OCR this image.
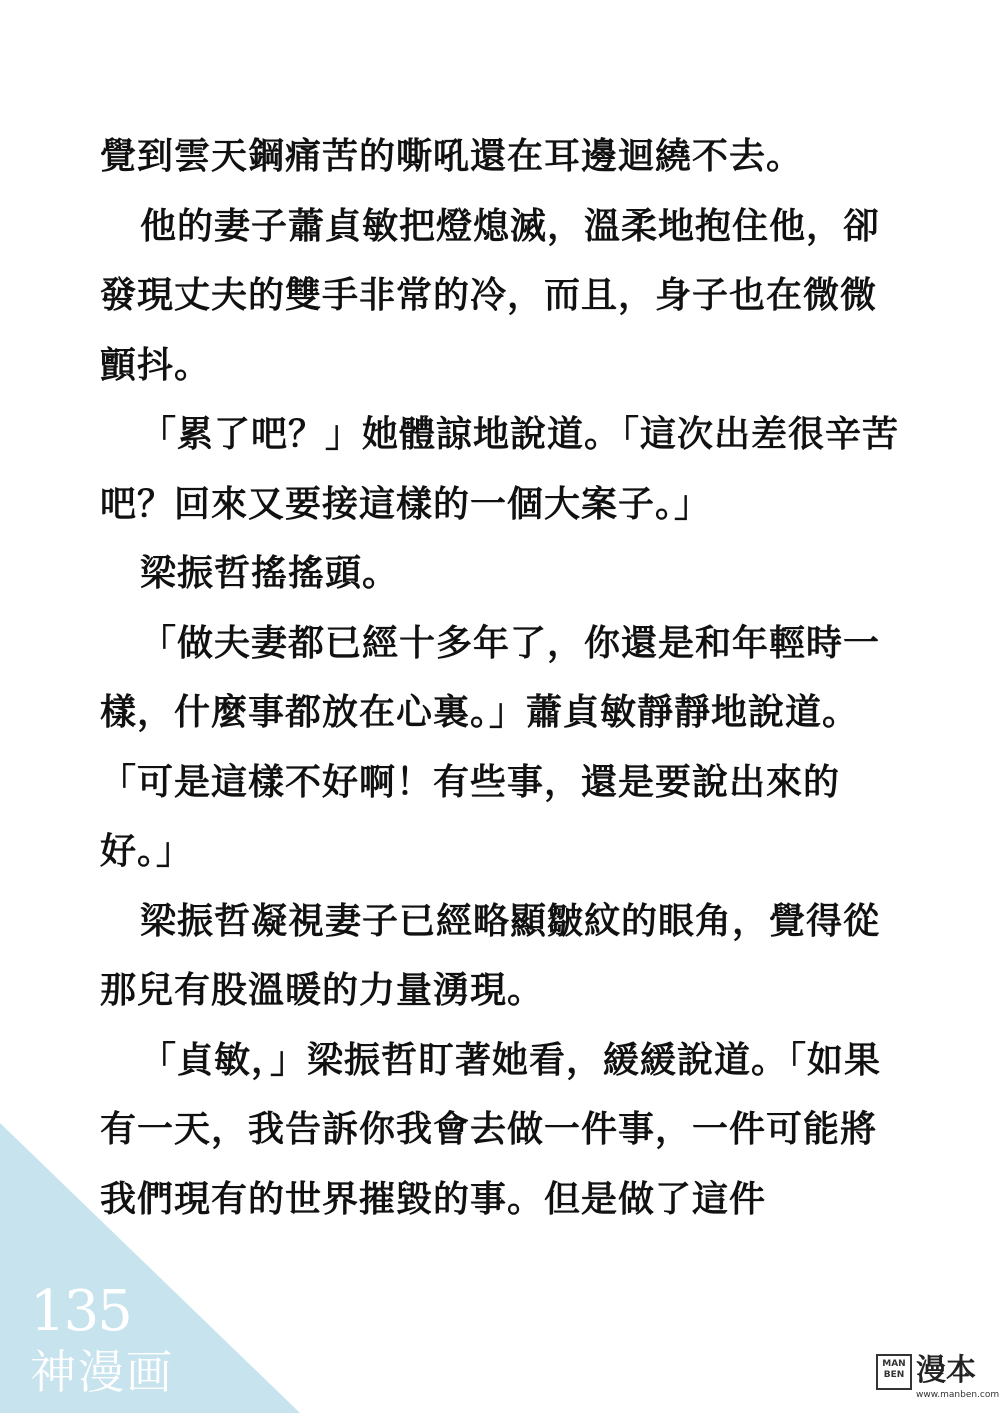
覺到雲天鋼痛苦的嘶吼還在耳邊迴繞不去。

他的妻子蕭貞敏把燈熄滅，溫柔地抱住他，卻發現丈夫的雙手非常的冷，而且，身子也在微微顫抖。

「累了吧？」她體諒地說道。「這次出差很辛苦吧？回來又要接這樣的一個大案子。」

梁振哲搖搖頭。

「做夫妻都已經十多年了，你還是和年輕時一樣，什麼事都放在心裏。」蕭貞敏靜靜地說道。「可是這樣不好啊！有些事，還是要說出來的好。」

梁振哲凝視妻子已經略顯皺紋的眼角，覺得從那兒有股溫暖的力量湧現。

「貞敏，」梁振哲盯著她看，緩緩說道。「如果有一天，我告訴你我會去做一件事，一件可能將我們現有的世界摧毀的事。但是做了這件

135
神漫画	MAN BEN 漫本
www.manben.com
